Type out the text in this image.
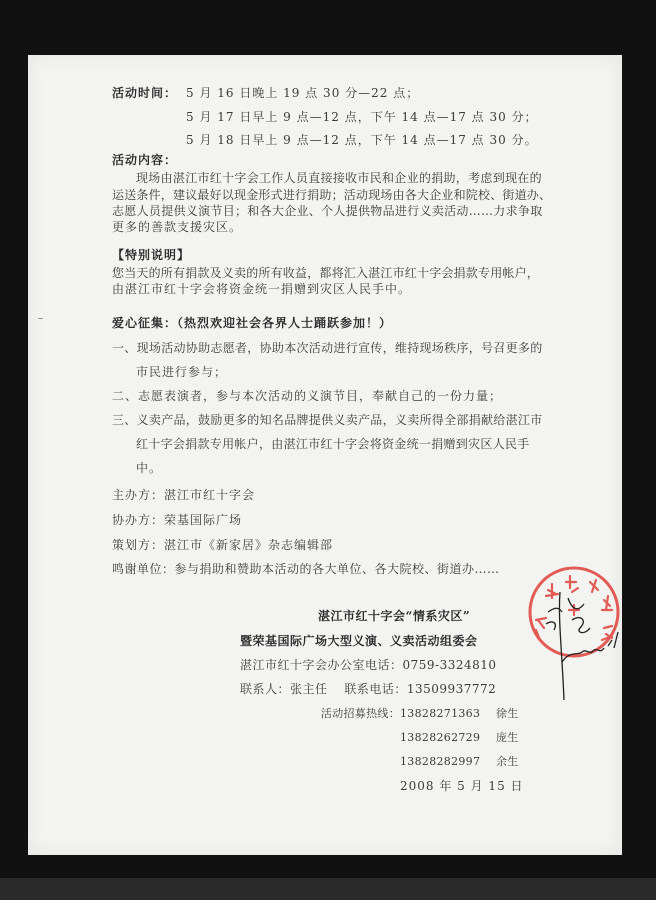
活动时间： 5 月 16 日晚上 19 点 30 分—22 点；
5 月 17 日早上 9 点—12 点，下午 14 点—17 点 30 分；
5 月 18 日早上 9 点—12 点，下午 14 点—17 点 30 分。
活动内容：
现场由湛江市红十字会工作人员直接接收市民和企业的捐助，考虑到现在的
运送条件，建议最好以现金形式进行捐助；活动现场由各大企业和院校、街道办、
志愿人员提供义演节目；和各大企业、个人提供物品进行义卖活动……力求争取
更多的善款支援灾区。
【特别说明】
您当天的所有捐款及义卖的所有收益，都将汇入湛江市红十字会捐款专用帐户，
由湛江市红十字会将资金统一捐赠到灾区人民手中。
爱心征集：（热烈欢迎社会各界人士踊跃参加！）
一、现场活动协助志愿者，协助本次活动进行宣传，维持现场秩序，号召更多的
市民进行参与；
二、志愿表演者，参与本次活动的义演节目，奉献自己的一份力量；
三、义卖产品，鼓励更多的知名品牌提供义卖产品，义卖所得全部捐献给湛江市
红十字会捐款专用帐户，由湛江市红十字会将资金统一捐赠到灾区人民手
中。
主办方：湛江市红十字会
协办方：荣基国际广场
策划方：湛江市《新家居》杂志编辑部
鸣谢单位：参与捐助和赞助本活动的各大单位、各大院校、街道办……
湛江市红十字会“情系灾区”
暨荣基国际广场大型义演、义卖活动组委会
湛江市红十字会办公室电话：0759-3324810
联系人：张主任　 联系电话：13509937772
活动招募热线： 13828271363	徐生
13828262729	庞生
13828282997	余生
2008 年 5 月 15 日
